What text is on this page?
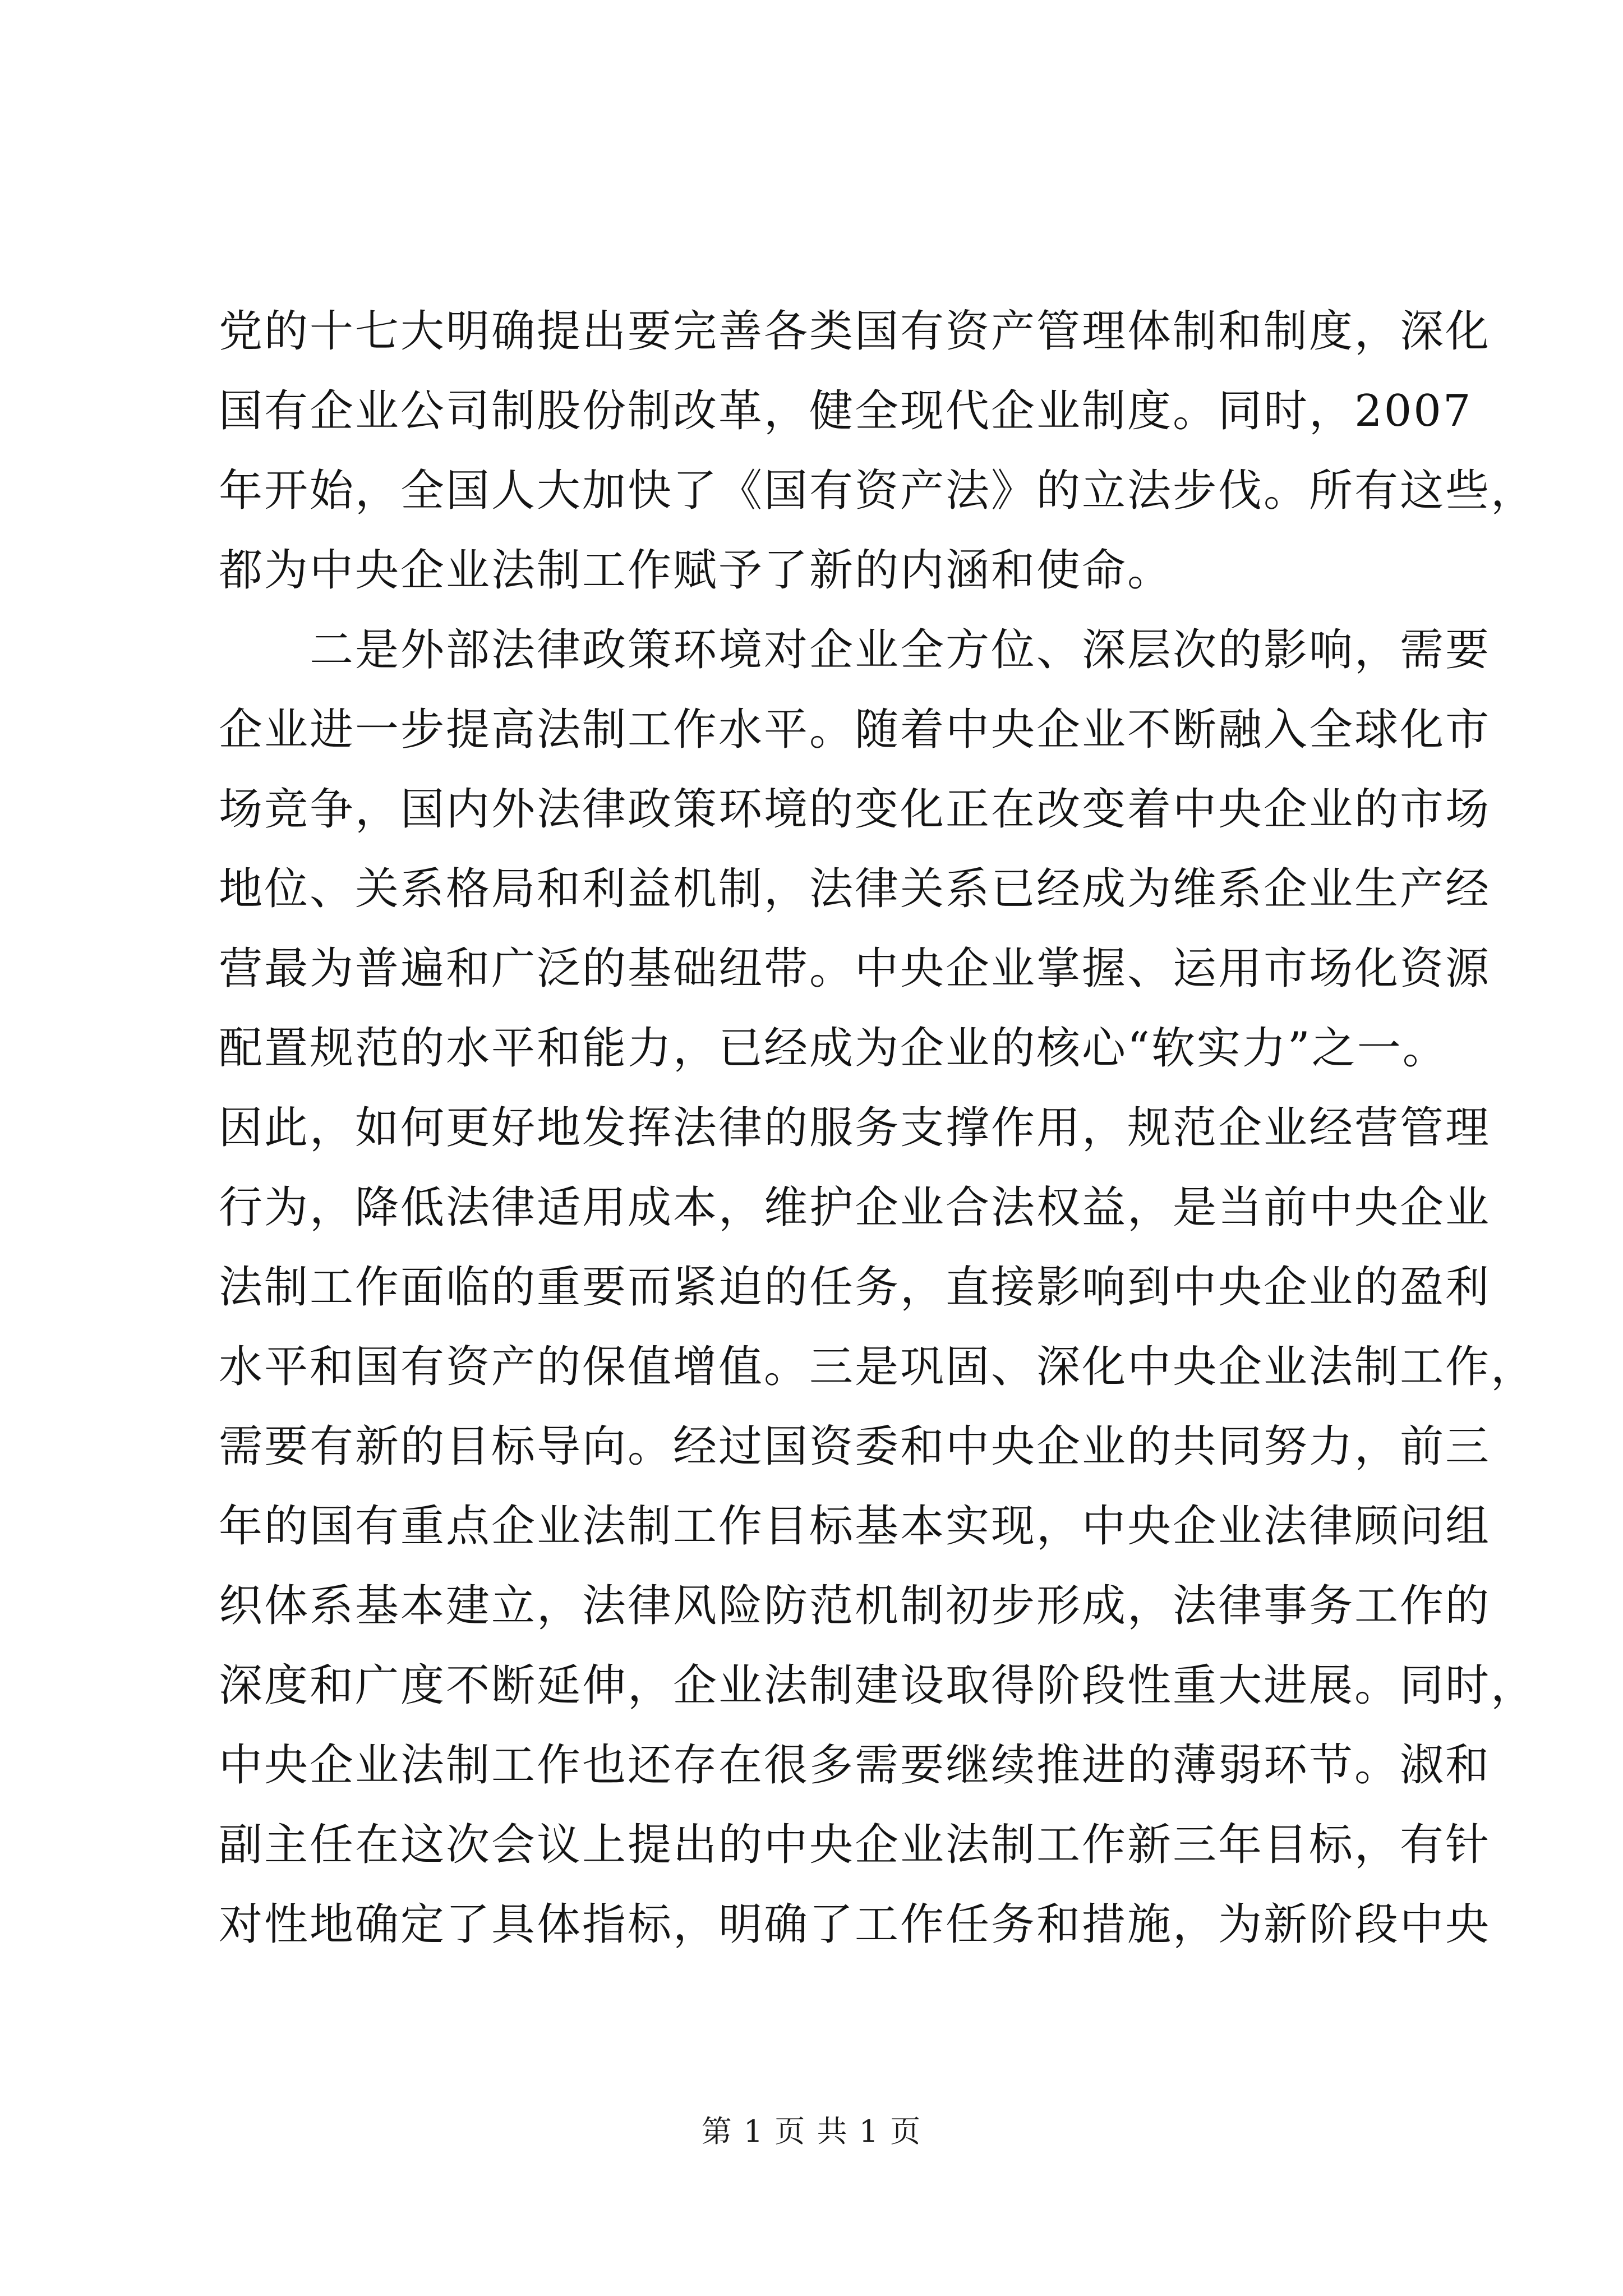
党的十七大明确提出要完善各类国有资产管理体制和制度，深化
国有企业公司制股份制改革，健全现代企业制度。同时，2007
年开始，全国人大加快了《国有资产法》的立法步伐。所有这些，
都为中央企业法制工作赋予了新的内涵和使命。
　　二是外部法律政策环境对企业全方位、深层次的影响，需要
企业进一步提高法制工作水平。随着中央企业不断融入全球化市
场竞争，国内外法律政策环境的变化正在改变着中央企业的市场
地位、关系格局和利益机制，法律关系已经成为维系企业生产经
营最为普遍和广泛的基础纽带。中央企业掌握、运用市场化资源
配置规范的水平和能力，已经成为企业的核心“软实力”之一。
因此，如何更好地发挥法律的服务支撑作用，规范企业经营管理
行为，降低法律适用成本，维护企业合法权益，是当前中央企业
法制工作面临的重要而紧迫的任务，直接影响到中央企业的盈利
水平和国有资产的保值增值。三是巩固、深化中央企业法制工作，
需要有新的目标导向。经过国资委和中央企业的共同努力，前三
年的国有重点企业法制工作目标基本实现，中央企业法律顾问组
织体系基本建立，法律风险防范机制初步形成，法律事务工作的
深度和广度不断延伸，企业法制建设取得阶段性重大进展。同时，
中央企业法制工作也还存在很多需要继续推进的薄弱环节。淑和
副主任在这次会议上提出的中央企业法制工作新三年目标，有针
对性地确定了具体指标，明确了工作任务和措施，为新阶段中央
第 1 页 共 1 页
